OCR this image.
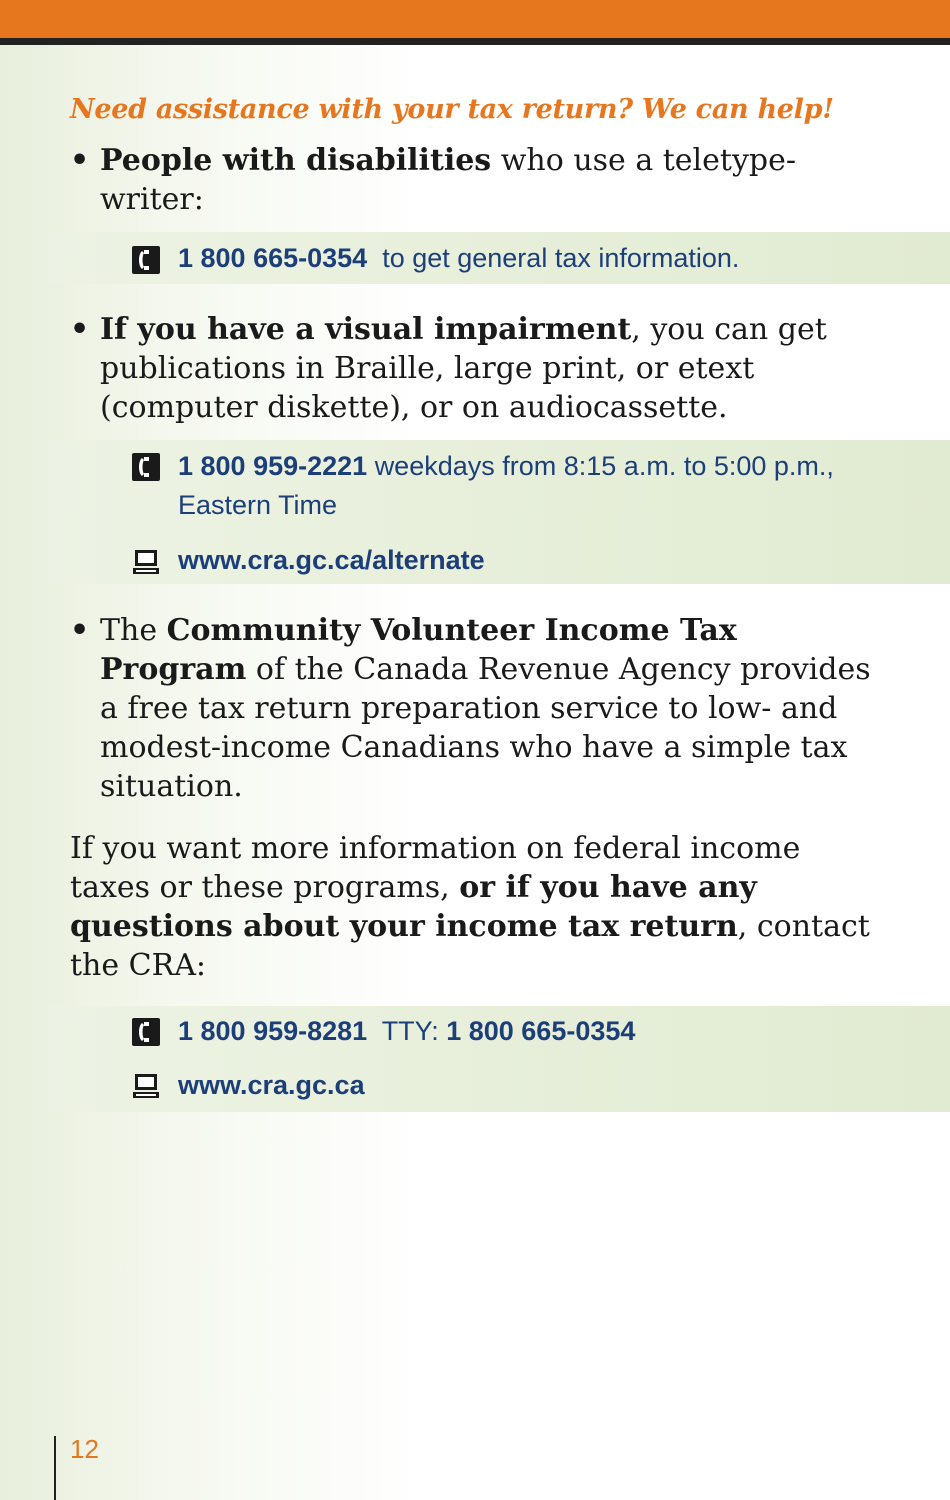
Need assistance with your tax return? We can help!
• People with disabilities who use a teletype-writer:
1 800 665-0354 to get general tax information.
• If you have a visual impairment, you can get publications in Braille, large print, or etext (computer diskette), or on audiocassette.
1 800 959-2221 weekdays from 8:15 a.m. to 5:00 p.m.,
Eastern Time
www.cra.gc.ca/alternate
• The Community Volunteer Income Tax Program of the Canada Revenue Agency provides a free tax return preparation service to low- and modest-income Canadians who have a simple tax situation.
If you want more information on federal income taxes or these programs, or if you have any questions about your income tax return, contact the CRA:
1 800 959-8281 TTY: 1 800 665-0354
www.cra.gc.ca
12
